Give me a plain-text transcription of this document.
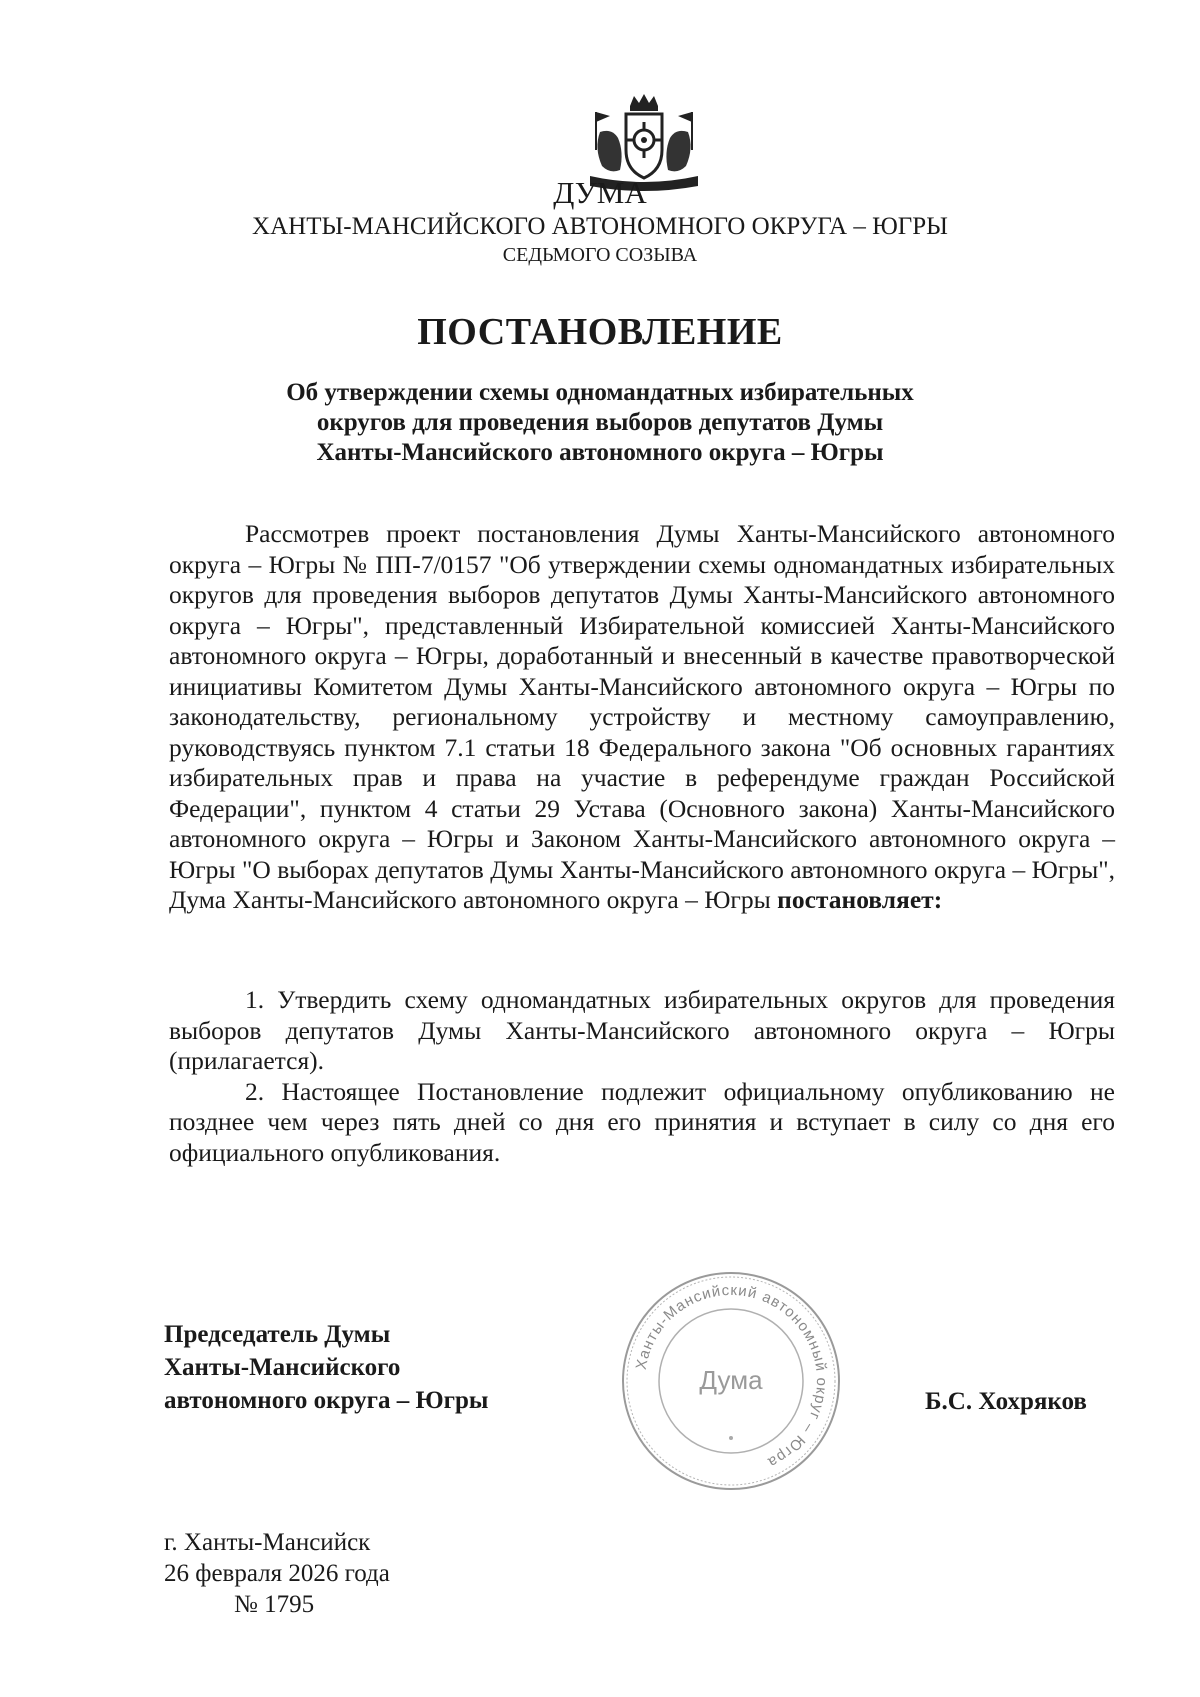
ДУМА
ХАНТЫ-МАНСИЙСКОГО АВТОНОМНОГО ОКРУГА – ЮГРЫ
СЕДЬМОГО СОЗЫВА
ПОСТАНОВЛЕНИЕ
Об утверждении схемы одномандатных избирательных
округов для проведения выборов депутатов Думы
Ханты-Мансийского автономного округа – Югры

Рассмотрев проект постановления Думы Ханты-Мансийского автономного округа – Югры № ПП-7/0157 "Об утверждении схемы одномандатных избирательных округов для проведения выборов депутатов Думы Ханты-Мансийского автономного округа – Югры", представленный Избирательной комиссией Ханты-Мансийского автономного округа – Югры, доработанный и внесенный в качестве правотворческой инициативы Комитетом Думы Ханты-Мансийского автономного округа – Югры по законодательству, региональному устройству и местному самоуправлению, руководствуясь пунктом 7.1 статьи 18 Федерального закона "Об основных гарантиях избирательных прав и права на участие в референдуме граждан Российской Федерации", пунктом 4 статьи 29 Устава (Основного закона) Ханты-Мансийского автономного округа – Югры и Законом Ханты-Мансийского автономного округа – Югры "О выборах депутатов Думы Ханты-Мансийского автономного округа – Югры", Дума Ханты-Мансийского автономного округа – Югры постановляет:

1. Утвердить схему одномандатных избирательных округов для проведения выборов депутатов Думы Ханты-Мансийского автономного округа – Югры (прилагается).

2. Настоящее Постановление подлежит официальному опубликованию не позднее чем через пять дней со дня его принятия и вступает в силу со дня его официального опубликования.

Председатель Думы
Ханты-Мансийского
автономного округа – Югры
Ханты-Мансийский автономный округ – Югра
Дума
Б.С. Хохряков
г. Ханты-Мансийск
26 февраля 2026 года
№ 1795
